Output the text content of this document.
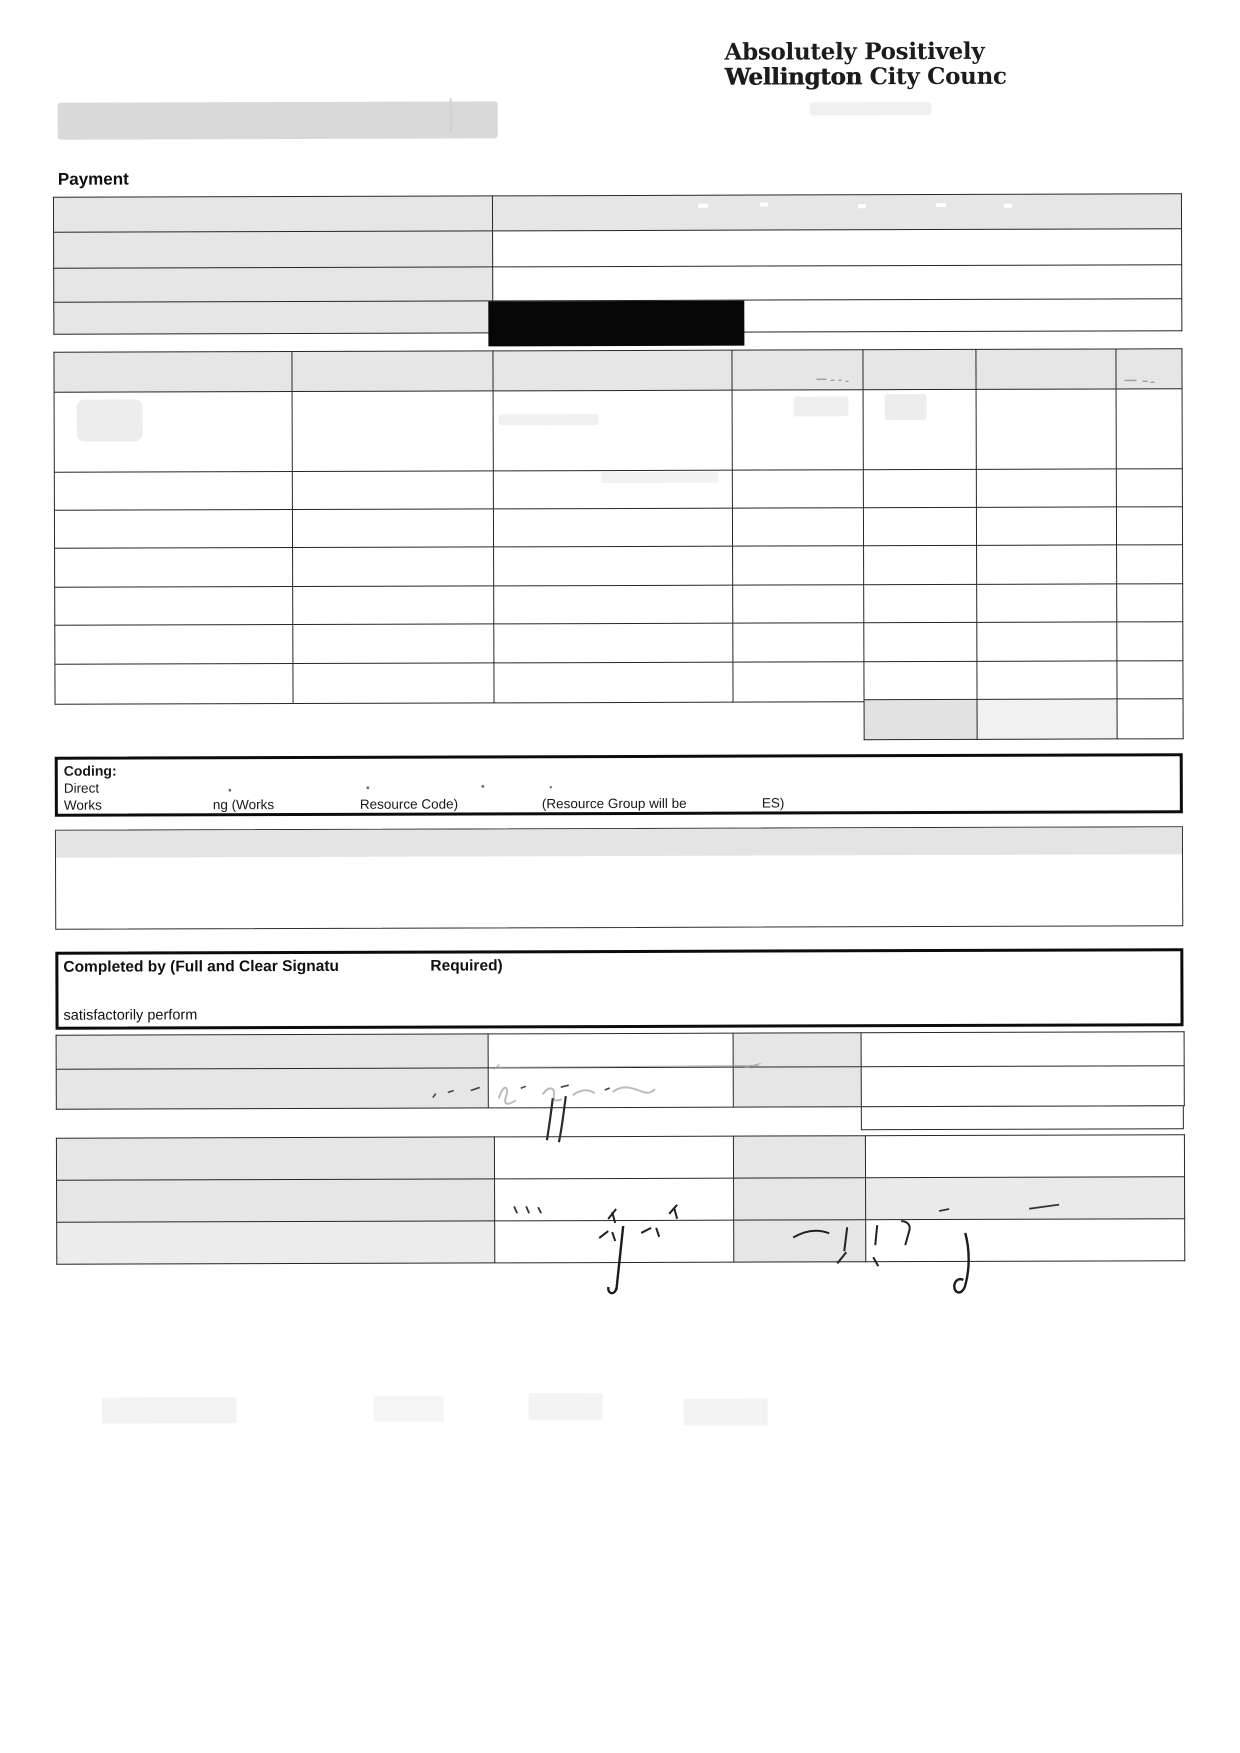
Absolutely Positively
Wellington City Counc
Payment

Coding:
Direct
Works	ng (Works	Resource Code)	(Resource Group will be	ES)
Completed by (Full and Clear Signatu	Required)
satisfactorily perform
